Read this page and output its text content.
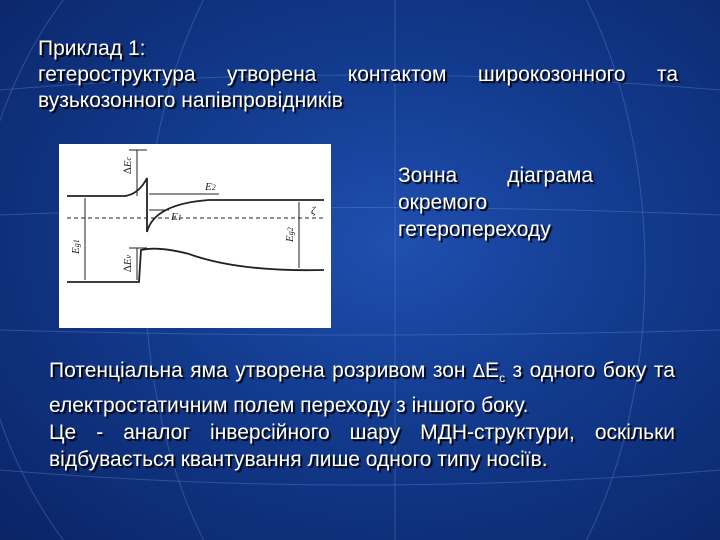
Приклад 1:
гетероструктура утворена контактом широкозонного та
вузькозонного напівпровідників
∆Ec
Eg1
Eg2
∆Ev
E2
E1
ζ
Зонна діаграма
окремого
гетеропереходу

Потенціальна яма утворена розривом зон $\Delta E_c$ з одного боку та електростатичним полем переходу з іншого боку.

Це - аналог інверсійного шару МДН-структури, оскільки відбувається квантування лише одного типу носіїв.
